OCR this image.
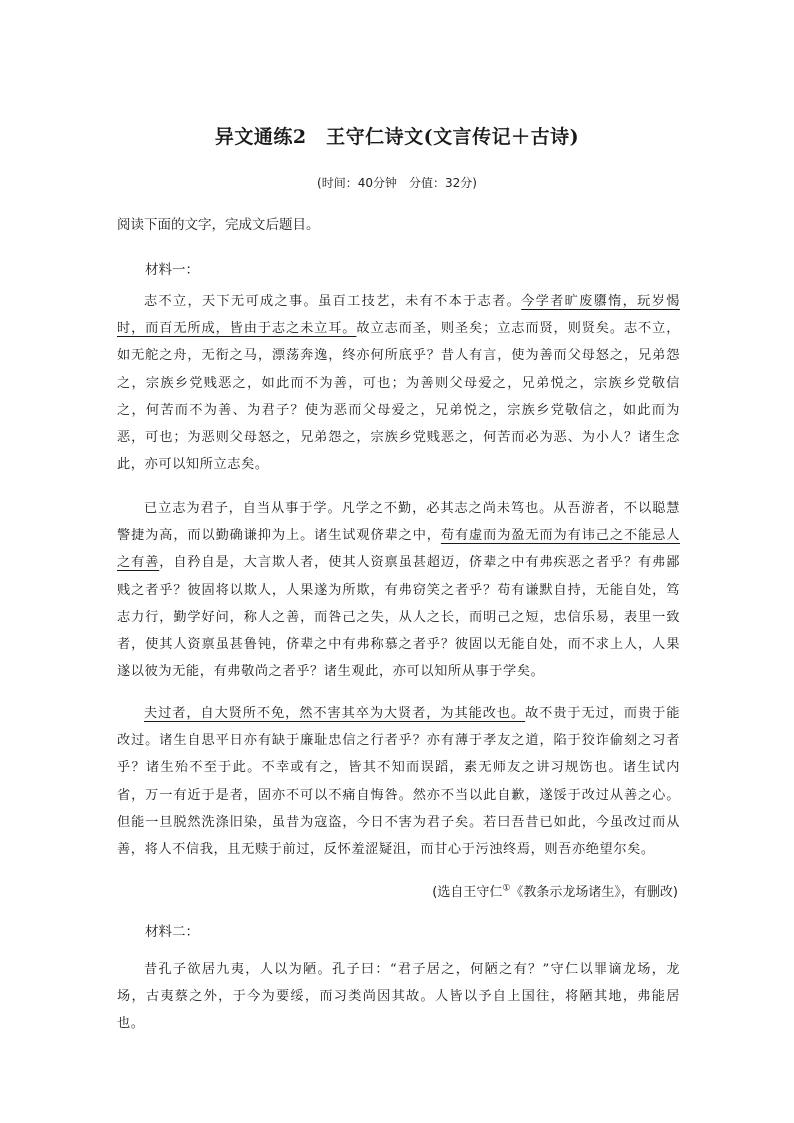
异文通练2　王守仁诗文(文言传记＋古诗)
(时间：40分钟　分值：32分)
阅读下面的文字，完成文后题目。
材料一：
志不立，天下无可成之事。虽百工技艺，未有不本于志者。今学者旷废隳惰，玩岁愒时，而百无所成，皆由于志之未立耳。故立志而圣，则圣矣；立志而贤，则贤矣。志不立，如无舵之舟，无衔之马，漂荡奔逸，终亦何所底乎？昔人有言，使为善而父母怒之，兄弟怨之，宗族乡党贱恶之，如此而不为善，可也；为善则父母爱之，兄弟悦之，宗族乡党敬信之，何苦而不为善、为君子？使为恶而父母爱之，兄弟悦之，宗族乡党敬信之，如此而为恶，可也；为恶则父母怒之，兄弟怨之，宗族乡党贱恶之，何苦而必为恶、为小人？诸生念此，亦可以知所立志矣。
已立志为君子，自当从事于学。凡学之不勤，必其志之尚未笃也。从吾游者，不以聪慧警捷为高，而以勤确谦抑为上。诸生试观侪辈之中，苟有虚而为盈无而为有讳己之不能忌人之有善，自矜自是，大言欺人者，使其人资禀虽甚超迈，侪辈之中有弗疾恶之者乎？有弗鄙贱之者乎？彼固将以欺人，人果遂为所欺，有弗窃笑之者乎？苟有谦默自持，无能自处，笃志力行，勤学好问，称人之善，而咎己之失，从人之长，而明己之短，忠信乐易，表里一致者，使其人资禀虽甚鲁钝，侪辈之中有弗称慕之者乎？彼固以无能自处，而不求上人，人果遂以彼为无能，有弗敬尚之者乎？诸生观此，亦可以知所从事于学矣。
夫过者，自大贤所不免，然不害其卒为大贤者，为其能改也。故不贵于无过，而贵于能改过。诸生自思平日亦有缺于廉耻忠信之行者乎？亦有薄于孝友之道，陷于狡诈偷刻之习者乎？诸生殆不至于此。不幸或有之，皆其不知而误蹈，素无师友之讲习规饬也。诸生试内省，万一有近于是者，固亦不可以不痛自悔咎。然亦不当以此自歉，遂馁于改过从善之心。但能一旦脱然洗涤旧染，虽昔为寇盗，今日不害为君子矣。若曰吾昔已如此，今虽改过而从善，将人不信我，且无赎于前过，反怀羞涩疑沮，而甘心于污浊终焉，则吾亦绝望尔矣。
(选自王守仁①《教条示龙场诸生》，有删改)
材料二：
昔孔子欲居九夷，人以为陋。孔子曰：“君子居之，何陋之有？”守仁以罪谪龙场，龙场，古夷蔡之外，于今为要绥，而习类尚因其故。人皆以予自上国往，将陋其地，弗能居也。
